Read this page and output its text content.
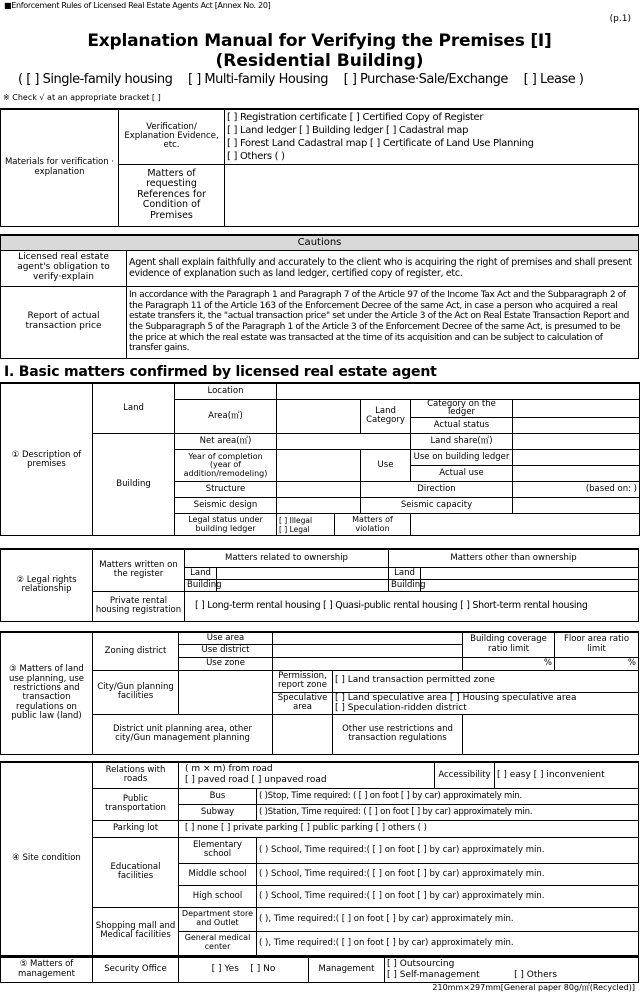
■Enforcement Rules of Licensed Real Estate Agents Act [Annex No. 20]
(p.1)
Explanation Manual for Verifying the Premises [I]
(Residential Building)
( [ ] Single-family housing [ ] Multi-family Housing [ ] Purchase·Sale/Exchange [ ] Lease )
※ Check √ at an appropriate bracket [ ]
Materials for verification · explanation	Verification/ Explanation Evidence, etc.	[ ] Registration certificate [ ] Certified Copy of Register
[ ] Land ledger [ ] Building ledger [ ] Cadastral map
[ ] Forest Land Cadastral map [ ] Certificate of Land Use Planning
[ ] Others ( )

	Matters of requesting References for Condition of Premises	
Cautions	
Licensed real estate agent's obligation to verify·explain	Agent shall explain faithfully and accurately to the client who is acquiring the right of premises and shall present evidence of explanation such as land ledger, certified copy of register, etc.
Report of actual transaction price	In accordance with the Paragraph 1 and Paragraph 7 of the Article 97 of the Income Tax Act and the Subparagraph 2 of the Paragraph 11 of the Article 163 of the Enforcement Decree of the same Act, in case a person who acquired a real estate transfers it, the "actual transaction price" set under the Article 3 of the Act on Real Estate Transaction Report and the Subparagraph 5 of the Paragraph 1 of the Article 3 of the Enforcement Decree of the same Act, is presumed to be the price at which the real estate was transacted at the time of its acquisition and can be subject to calculation of transfer gains.
Ⅰ. Basic matters confirmed by licensed real estate agent
① Description of premises	Land	Location					
		Area(㎡)			Land Category	Category on the ledger	
						Actual status	
	Building	Net area(㎡)				Land share(㎡)	
		Year of completion (year of addition/remodeling)			Use	Use on building ledger	
						Actual use	
		Structure			Direction		(based on: )
		Seismic design			Seismic capacity		
		Legal status under building ledger	[ ] Illegal
[ ] Legal	Matters of violation			
② Legal rights relationship	Matters written on the register	Matters related to ownership		Matters other than ownership	
		Land		Land	
		Building		Building	
	Private rental housing registration	[ ] Long-term rental housing [ ] Quasi-public rental housing [ ] Short-term rental housing			
③ Matters of land use planning, use restrictions and transaction regulations on public law (land)	Zoning district	Use area			Building coverage ratio limit	Floor area ratio limit
		Use district				
		Use zone			%	%
	City/Gun planning facilities		Permission, report zone	[ ] Land transaction permitted zone		
			Speculative area	[ ] Land speculative area [ ] Housing speculative area
[ ] Speculation-ridden district		

	District unit planning area, other city/Gun management planning			Other use restrictions and transaction regulations		
④ Site condition	Relations with roads	( m × m) from road
[ ] paved road [ ] unpaved road		Accessibility	[ ] easy [ ] inconvenient
	Public transportation	Bus	( )Stop, Time required: ( [ ] on foot [ ] by car) approximately min.		
		Subway	( )Station, Time required: ( [ ] on foot [ ] by car) approximately min.		
	Parking lot	[ ] none [ ] private parking [ ] public parking [ ] others ( )			
	Educational facilities	Elementary school	( ) School, Time required:( [ ] on foot [ ] by car) approximately min.		
		Middle school	( ) School, Time required:( [ ] on foot [ ] by car) approximately min.		
		High school	( ) School, Time required:( [ ] on foot [ ] by car) approximately min.		
	Shopping mall and Medical facilities	Department store and Outlet	( ), Time required:( [ ] on foot [ ] by car) approximately min.		
		General medical center	( ), Time required:( [ ] on foot [ ] by car) approximately min.		
⑤ Matters of management	Security Office	[ ] Yes [ ] No	Management	[ ] Outsourcing
[ ] Self-management	[ ] Others
210mm×297mm[General paper 80g/㎡(Recycled)]
